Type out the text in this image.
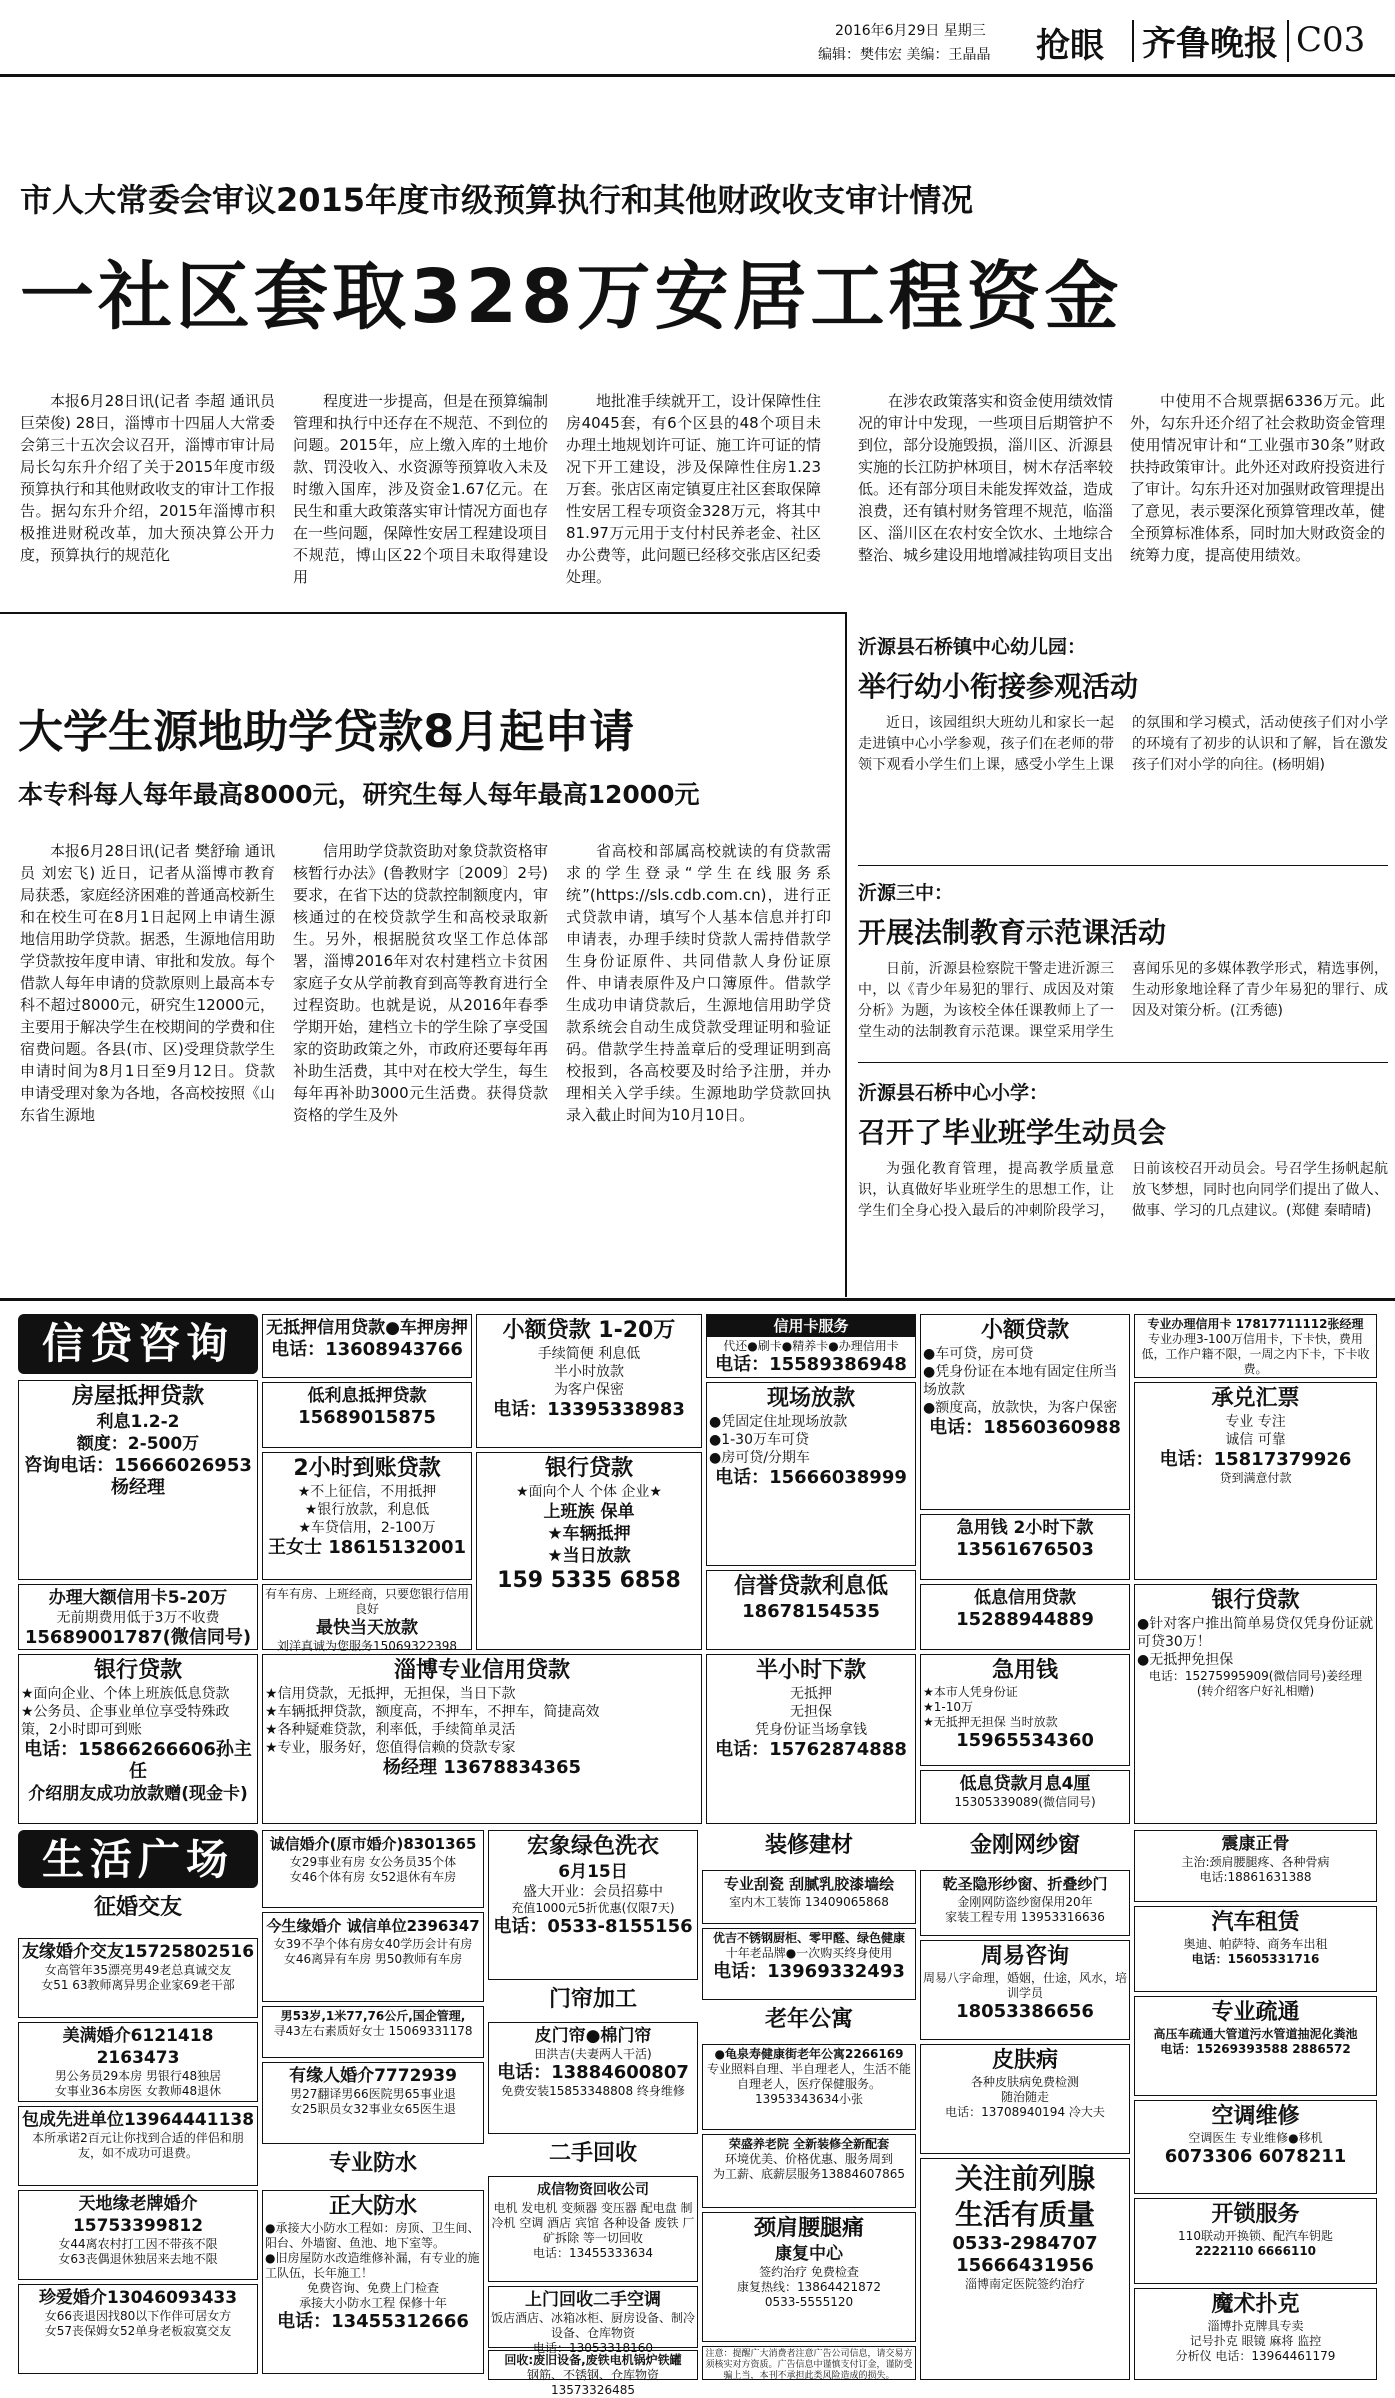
2016年6月29日 星期三
编辑：樊伟宏 美编：王晶晶 抢眼 齐鲁晚报 C03
市人大常委会审议2015年度市级预算执行和其他财政收支审计情况
一社区套取328万安居工程资金

本报6月28日讯(记者 李超 通讯员 巨荣俊) 28日，淄博市十四届人大常委会第三十五次会议召开，淄博市审计局局长勾东升介绍了关于2015年度市级预算执行和其他财政收支的审计工作报告。据勾东升介绍，2015年淄博市积极推进财税改革，加大预决算公开力度，预算执行的规范化

程度进一步提高，但是在预算编制管理和执行中还存在不规范、不到位的问题。2015年，应上缴入库的土地价款、罚没收入、水资源等预算收入未及时缴入国库，涉及资金1.67亿元。在民生和重大政策落实审计情况方面也存在一些问题，保障性安居工程建设项目不规范，博山区22个项目未取得建设用

地批准手续就开工，设计保障性住房4045套，有6个区县的48个项目未办理土地规划许可证、施工许可证的情况下开工建设，涉及保障性住房1.23万套。张店区南定镇夏庄社区套取保障性安居工程专项资金328万元，将其中81.97万元用于支付村民养老金、社区办公费等，此问题已经移交张店区纪委处理。

在涉农政策落实和资金使用绩效情况的审计中发现，一些项目后期管护不到位，部分设施毁损，淄川区、沂源县实施的长江防护林项目，树木存活率较低。还有部分项目未能发挥效益，造成浪费，还有镇村财务管理不规范，临淄区、淄川区在农村安全饮水、土地综合整治、城乡建设用地增减挂钩项目支出

中使用不合规票据6336万元。此外，勾东升还介绍了社会救助资金管理使用情况审计和“工业强市30条”财政扶持政策审计。此外还对政府投资进行了审计。勾东升还对加强财政管理提出了意见，表示要深化预算管理改革，健全预算标准体系，同时加大财政资金的统筹力度，提高使用绩效。

大学生源地助学贷款8月起申请
本专科每人每年最高8000元，研究生每人每年最高12000元

本报6月28日讯(记者 樊舒瑜 通讯员 刘宏飞) 近日，记者从淄博市教育局获悉，家庭经济困难的普通高校新生和在校生可在8月1日起网上申请生源地信用助学贷款。据悉，生源地信用助学贷款按年度申请、审批和发放。每个借款人每年申请的贷款原则上最高本专科不超过8000元，研究生12000元，主要用于解决学生在校期间的学费和住宿费问题。各县(市、区)受理贷款学生申请时间为8月1日至9月12日。贷款申请受理对象为各地，各高校按照《山东省生源地

信用助学贷款资助对象贷款资格审核暂行办法》(鲁教财字〔2009〕2号)要求，在省下达的贷款控制额度内，审核通过的在校贷款学生和高校录取新生。另外，根据脱贫攻坚工作总体部署，淄博2016年对农村建档立卡贫困家庭子女从学前教育到高等教育进行全过程资助。也就是说，从2016年春季学期开始，建档立卡的学生除了享受国家的资助政策之外，市政府还要每年再补助生活费，其中对在校大学生，每生每年再补助3000元生活费。获得贷款资格的学生及外

省高校和部属高校就读的有贷款需求的学生登录“学生在线服务系统”(https://sls.cdb.com.cn)，进行正式贷款申请，填写个人基本信息并打印申请表，办理手续时贷款人需持借款学生身份证原件、共同借款人身份证原件、申请表原件及户口簿原件。借款学生成功申请贷款后，生源地信用助学贷款系统会自动生成贷款受理证明和验证码。借款学生持盖章后的受理证明到高校报到，各高校要及时给予注册，并办理相关入学手续。生源地助学贷款回执录入截止时间为10月10日。

沂源县石桥镇中心幼儿园：
举行幼小衔接参观活动

近日，该园组织大班幼儿和家长一起走进镇中心小学参观，孩子们在老师的带领下观看小学生们上课，感受小学生上课的氛围和学习模式，活动使孩子们对小学的环境有了初步的认识和了解，旨在激发孩子们对小学的向往。(杨明娟)

沂源三中：
开展法制教育示范课活动

日前，沂源县检察院干警走进沂源三中，以《青少年易犯的罪行、成因及对策分析》为题，为该校全体任课教师上了一堂生动的法制教育示范课。课堂采用学生喜闻乐见的多媒体教学形式，精选事例，生动形象地诠释了青少年易犯的罪行、成因及对策分析。(江秀德)

沂源县石桥中心小学：
召开了毕业班学生动员会

为强化教育管理，提高教学质量意识，认真做好毕业班学生的思想工作，让学生们全身心投入最后的冲刺阶段学习，日前该校召开动员会。号召学生扬帆起航放飞梦想，同时也向同学们提出了做人、做事、学习的几点建议。(郑健 秦晴晴)

信贷咨询
房屋抵押贷款
利息1.2-2
额度：2-500万
咨询电话：15666026953杨经理
办理大额信用卡5-20万
无前期费用低于3万不收费
15689001787(微信同号)
银行贷款
★面向企业、个体上班族低息贷款
★公务员、企事业单位享受特殊政策，2小时即可到账
电话：15866266606孙主任
介绍朋友成功放款赠(现金卡)
无抵押信用贷款●车押房押
电话：13608943766
低利息抵押贷款
15689015875
2小时到账贷款
★不上征信，不用抵押
★银行放款，利息低
★车贷信用，2-100万
王女士 18615132001
有车有房、上班经商，只要您银行信用良好
最快当天放款
刘洋真诚为您服务15069322398
小额贷款 1-20万
手续简便 利息低
半小时放款
为客户保密
电话：13395338983
银行贷款
★面向个人 个体 企业★
上班族 保单
★车辆抵押
★当日放款
159 5335 6858
淄博专业信用贷款
★信用贷款，无抵押，无担保，当日下款
★车辆抵押贷款，额度高，不押车，不押车，简捷高效
★各种疑难贷款，利率低，手续简单灵活
★专业，服务好，您值得信赖的贷款专家
杨经理 13678834365
信用卡服务
代还●刷卡●精养卡●办理信用卡
电话：15589386948
现场放款
●凭固定住址现场放款
●1-30万车可贷
●房可贷/分期车
电话：15666038999
信誉贷款利息低
18678154535
半小时下款
无抵押
无担保
凭身份证当场拿钱
电话：15762874888
小额贷款
●车可贷，房可贷
●凭身份证在本地有固定住所当场放款
●额度高，放款快，为客户保密
电话：18560360988
急用钱 2小时下款
13561676503
低息信用贷款
15288944889
急用钱
★本市人凭身份证
★1-10万
★无抵押无担保 当时放款
15965534360
低息贷款月息4厘
15305339089(微信同号)
专业办理信用卡 17817711112张经理
专业办理3-100万信用卡，下卡快，费用低，工作户籍不限，一周之内下卡，下卡收费。
承兑汇票
专业 专注
诚信 可靠
电话：15817379926
贷到满意付款
银行贷款
●针对客户推出简单易贷仅凭身份证就可贷30万！
●无抵押免担保
电话：15275995909(微信同号)姜经理
(转介绍客户好礼相赠)
生活广场
征婚交友
友缘婚介交友15725802516
女高管年35漂亮男49老总真诚交友
女51 63教师离异男企业家69老干部
美满婚介6121418 2163473
男公务员29本房 男银行48独居
女事业36本房医 女教师48退休
包成先进单位13964441138
本所承诺2百元让你找到合适的伴侣和朋友，如不成功可退费。
天地缘老牌婚介15753399812
女44离农村打工因不带孩不限
女63丧偶退休独居来去地不限
珍爱婚介13046093433
女66丧退因找80以下作伴可居女方
女57丧保姆女52单身老板寂寞交友
诚信婚介(原市婚介)8301365
女29事业有房 女公务员35个体
女46个体有房 女52退休有车房
今生缘婚介 诚信单位2396347
女39不孕个体有房女40学历会计有房
女46离异有车房 男50教师有车房
男53岁,1米77,76公斤,国企管理,
寻43左右素质好女士 15069331178
有缘人婚介7772939
男27翻译男66医院男65事业退
女25职员女32事业女65医生退
专业防水
正大防水
●承接大小防水工程如：房顶、卫生间、阳台、外墙窗、鱼池、地下室等。
●旧房屋防水改造维修补漏，有专业的施工队伍，长年施工！
免费咨询、免费上门检查
承接大小防水工程 保修十年
电话：13455312666
宏象绿色洗衣
6月15日
盛大开业：会员招募中
充值1000元5折优惠(仅限7天)
电话：0533-8155156
门帘加工
皮门帘●棉门帘
田洪吉(夫妻两人干活)
电话：13884600807
免费安装15853348808 终身维修
二手回收
成信物资回收公司
电机 发电机 变频器 变压器 配电盘 制冷机 空调 酒店 宾馆 各种设备 废铁 厂矿拆除 等一切回收
电话：13455333634
上门回收二手空调
饭店酒店、冰箱冰柜、厨房设备、制冷设备、仓库物资
电话：13053318160
回收:废旧设备,废铁电机锅炉铁罐
钢筋、不锈钢、仓库物资13573326485
装修建材
专业刮瓷 刮腻乳胶漆墙绘
室内木工装饰 13409065868
优吉不锈钢厨柜、零甲醛、绿色健康
十年老品牌●一次购买终身使用
电话：13969332493
老年公寓
●龟泉寿健康街老年公寓2266169
专业照料自理、半自理老人，生活不能自理老人，医疗保健服务。
13953343634小张
荣盛养老院 全新装修全新配套
环境优美、价格优惠、服务周到
为工薪、底薪层服务13884607865
颈肩腰腿痛
康复中心
签约治疗 免费检查
康复热线：13864421872
0533-5555120
注意：提醒广大消费者注意广告公司信息，请交易方须核实对方资质。广告信息中谨慎支付订金，谨防受骗上当，本刊不承担此类风险造成的损失。
金刚网纱窗
乾圣隐形纱窗、折叠纱门
金刚网防盗纱窗保用20年
家装工程专用 13953316636
周易咨询
周易八字命理，婚姻，仕途，风水，培训学员
18053386656
皮肤病
各种皮肤病免费检测
随治随走
电话：13708940194 冷大夫
关注前列腺
生活有质量
0533-2984707
15666431956
淄博南定医院签约治疗
震康正骨
主治:颈肩腰腿疼、各种骨病
电话:18861631388
汽车租赁
奥迪、帕萨特、商务车出租
电话：15605331716
专业疏通
高压车疏通大管道污水管道抽泥化粪池
电话：15269393588 2886572
空调维修
空调医生 专业维修●移机
6073306 6078211
开锁服务
110联动开换锁、配汽车钥匙
2222110 6666110
魔术扑克
淄博扑克牌具专卖
记号扑克 眼镜 麻将 监控
分析仪 电话：13964461179
